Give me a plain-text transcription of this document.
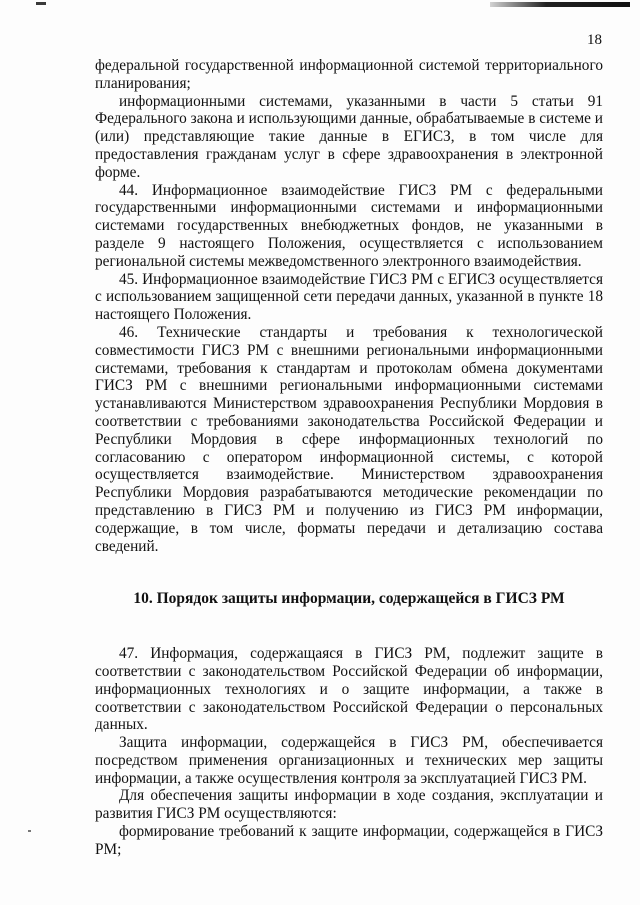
18

федеральной государственной информационной системой территориального планирования;

информационными системами, указанными в части 5 статьи 91 Федерального закона и использующими данные, обрабатываемые в системе и (или) представляющие такие данные в ЕГИСЗ, в том числе для предоставления гражданам услуг в сфере здравоохранения в электронной форме.

44. Информационное взаимодействие ГИСЗ РМ с федеральными государственными информационными системами и информационными системами государственных внебюджетных фондов, не указанными в разделе 9 настоящего Положения, осуществляется с использованием региональной системы межведомственного электронного взаимодействия.

45. Информационное взаимодействие ГИСЗ РМ с ЕГИСЗ осуществляется с использованием защищенной сети передачи данных, указанной в пункте 18 настоящего Положения.

46. Технические стандарты и требования к технологической совместимости ГИСЗ РМ с внешними региональными информационными системами, требования к стандартам и протоколам обмена документами ГИСЗ РМ с внешними региональными информационными системами устанавливаются Министерством здравоохранения Республики Мордовия в соответствии с требованиями законодательства Российской Федерации и Республики Мордовия в сфере информационных технологий по согласованию с оператором информационной системы, с которой осуществляется взаимодействие. Министерством здравоохранения Республики Мордовия разрабатываются методические рекомендации по представлению в ГИСЗ РМ и получению из ГИСЗ РМ информации, содержащие, в том числе, форматы передачи и детализацию состава сведений.

10. Порядок защиты информации, содержащейся в ГИСЗ РМ

47. Информация, содержащаяся в ГИСЗ РМ, подлежит защите в соответствии с законодательством Российской Федерации об информации, информационных технологиях и о защите информации, а также в соответствии с законодательством Российской Федерации о персональных данных.

Защита информации, содержащейся в ГИСЗ РМ, обеспечивается посредством применения организационных и технических мер защиты информации, а также осуществления контроля за эксплуатацией ГИСЗ РМ.

Для обеспечения защиты информации в ходе создания, эксплуатации и развития ГИСЗ РМ осуществляются:

формирование требований к защите информации, содержащейся в ГИСЗ РМ;
